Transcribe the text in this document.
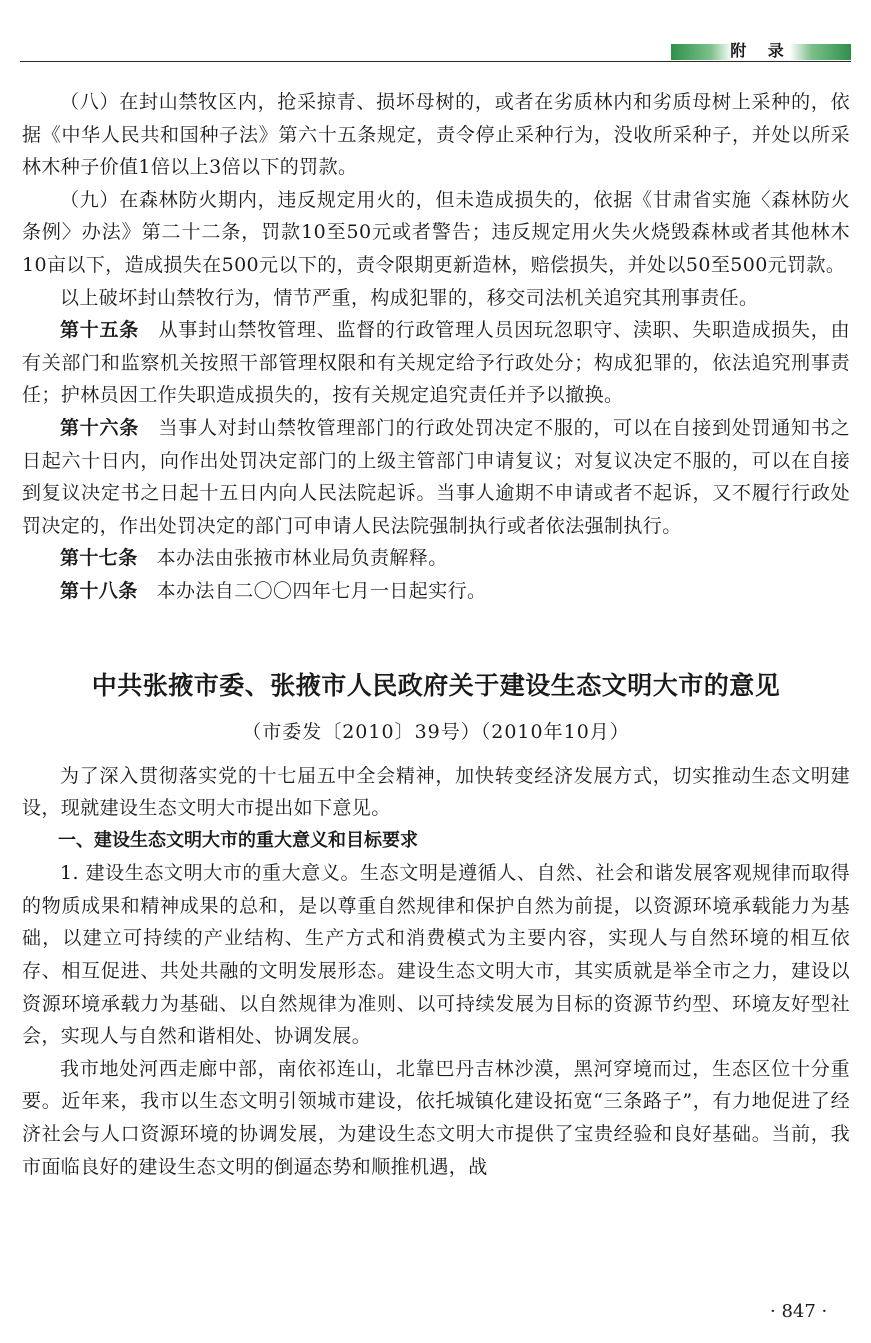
附 录

（八）在封山禁牧区内，抢采掠青、损坏母树的，或者在劣质林内和劣质母树上采种的，依据《中华人民共和国种子法》第六十五条规定，责令停止采种行为，没收所采种子，并处以所采林木种子价值1倍以上3倍以下的罚款。

（九）在森林防火期内，违反规定用火的，但未造成损失的，依据《甘肃省实施〈森林防火条例〉办法》第二十二条，罚款10至50元或者警告；违反规定用火失火烧毁森林或者其他林木10亩以下，造成损失在500元以下的，责令限期更新造林，赔偿损失，并处以50至500元罚款。

以上破坏封山禁牧行为，情节严重，构成犯罪的，移交司法机关追究其刑事责任。

第十五条 从事封山禁牧管理、监督的行政管理人员因玩忽职守、渎职、失职造成损失，由有关部门和监察机关按照干部管理权限和有关规定给予行政处分；构成犯罪的，依法追究刑事责任；护林员因工作失职造成损失的，按有关规定追究责任并予以撤换。

第十六条 当事人对封山禁牧管理部门的行政处罚决定不服的，可以在自接到处罚通知书之日起六十日内，向作出处罚决定部门的上级主管部门申请复议；对复议决定不服的，可以在自接到复议决定书之日起十五日内向人民法院起诉。当事人逾期不申请或者不起诉，又不履行行政处罚决定的，作出处罚决定的部门可申请人民法院强制执行或者依法强制执行。

第十七条 本办法由张掖市林业局负责解释。

第十八条 本办法自二〇〇四年七月一日起实行。

中共张掖市委、张掖市人民政府关于建设生态文明大市的意见
（市委发〔2010〕39号）（2010年10月）

为了深入贯彻落实党的十七届五中全会精神，加快转变经济发展方式，切实推动生态文明建设，现就建设生态文明大市提出如下意见。

一、建设生态文明大市的重大意义和目标要求

1. 建设生态文明大市的重大意义。生态文明是遵循人、自然、社会和谐发展客观规律而取得的物质成果和精神成果的总和，是以尊重自然规律和保护自然为前提，以资源环境承载能力为基础，以建立可持续的产业结构、生产方式和消费模式为主要内容，实现人与自然环境的相互依存、相互促进、共处共融的文明发展形态。建设生态文明大市，其实质就是举全市之力，建设以资源环境承载力为基础、以自然规律为准则、以可持续发展为目标的资源节约型、环境友好型社会，实现人与自然和谐相处、协调发展。

我市地处河西走廊中部，南依祁连山，北靠巴丹吉林沙漠，黑河穿境而过，生态区位十分重要。近年来，我市以生态文明引领城市建设，依托城镇化建设拓宽“三条路子”，有力地促进了经济社会与人口资源环境的协调发展，为建设生态文明大市提供了宝贵经验和良好基础。当前，我市面临良好的建设生态文明的倒逼态势和顺推机遇，战

· 847 ·
